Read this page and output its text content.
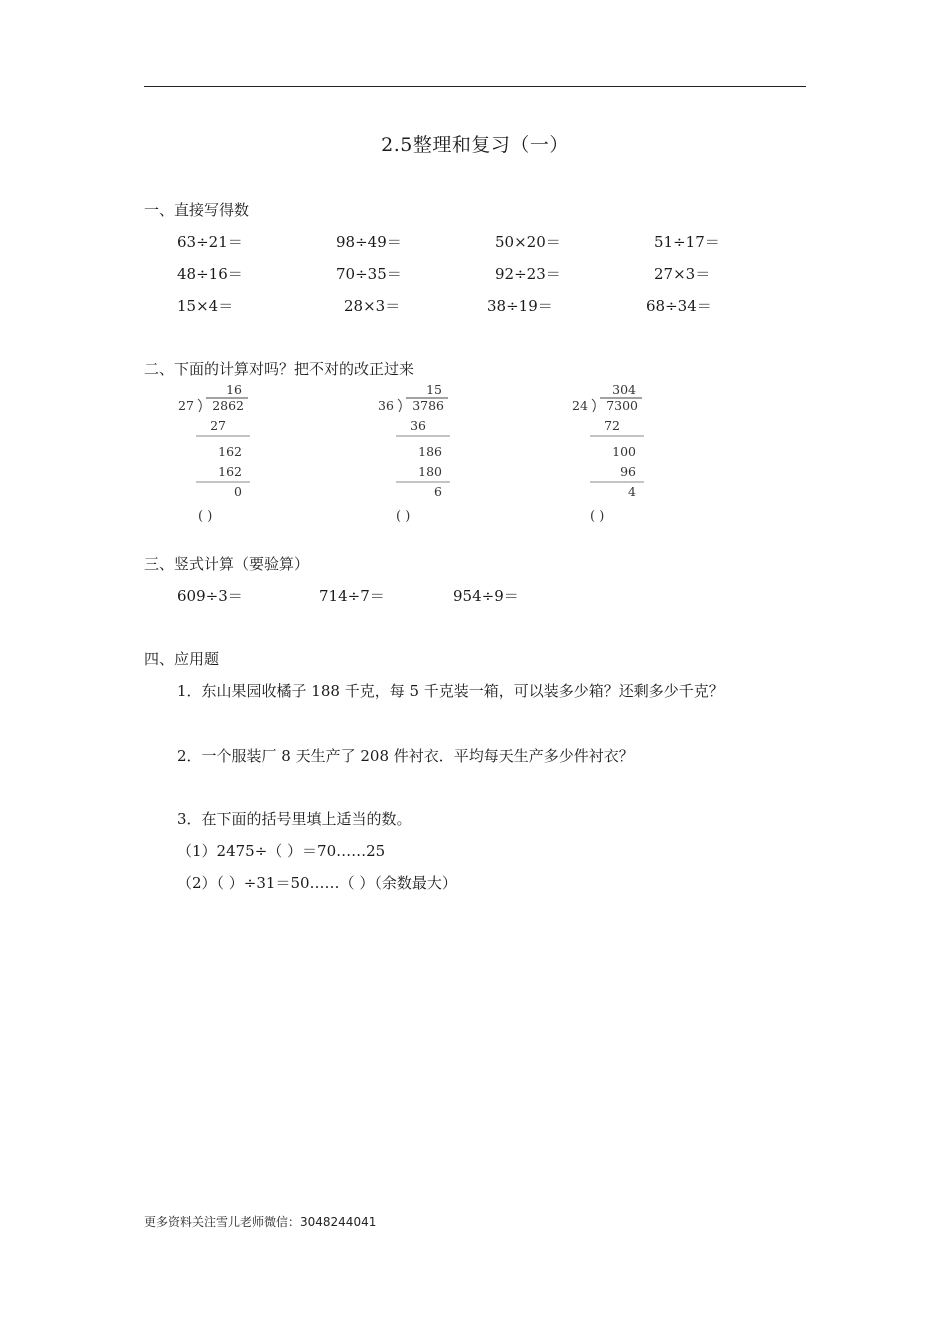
2.5整理和复习（一）
一、直接写得数
63÷21＝	98÷49＝	50×20＝	51÷17＝
48÷16＝	70÷35＝	92÷23＝	27×3＝
15×4＝	28×3＝	38÷19＝	68÷34＝
二、下面的计算对吗？把不对的改正过来
16
27 2862
27
162
162
0
( )
15
36 3786
36
186
180
6
( )
304
24 7300
72
100
96
4
( )
三、竖式计算（要验算）
609÷3＝	714÷7＝	954÷9＝
四、应用题
1．东山果园收橘子 188 千克，每 5 千克装一箱，可以装多少箱？还剩多少千克？
2．一个服装厂 8 天生产了 208 件衬衣．平均每天生产多少件衬衣？
3．在下面的括号里填上适当的数。
（1）2475÷（ ）＝70……25
（2）（ ）÷31＝50……（ ）（余数最大）
更多资料关注雪儿老师微信：3048244041
